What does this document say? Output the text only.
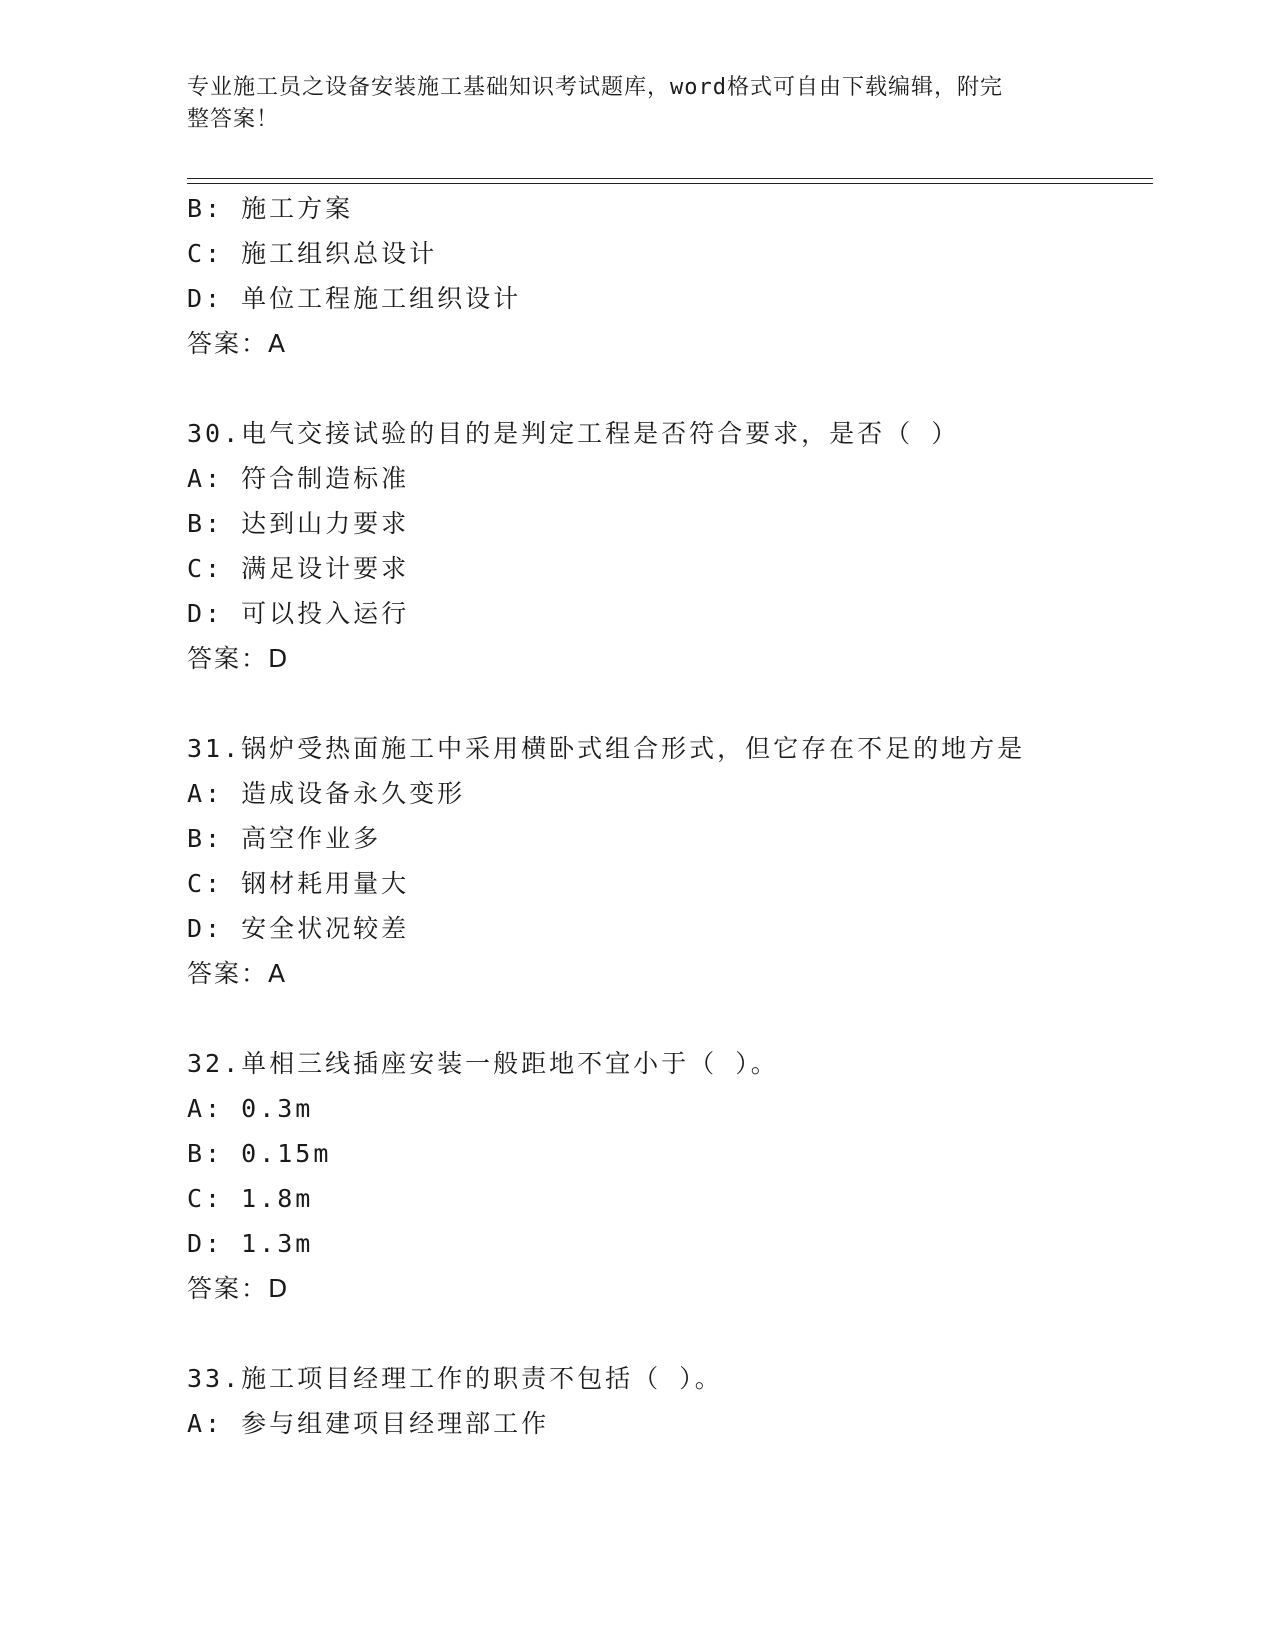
专业施工员之设备安装施工基础知识考试题库，word格式可自由下载编辑，附完
整答案！
B: 施工方案
C: 施工组织总设计
D: 单位工程施工组织设计
答案：A
30.电气交接试验的目的是判定工程是否符合要求，是否（ ）
A: 符合制造标准
B: 达到山力要求
C: 满足设计要求
D: 可以投入运行
答案：D
31.锅炉受热面施工中采用横卧式组合形式，但它存在不足的地方是
A: 造成设备永久变形
B: 高空作业多
C: 钢材耗用量大
D: 安全状况较差
答案：A
32.单相三线插座安装一般距地不宜小于（ ）。
A: 0.3m
B: 0.15m
C: 1.8m
D: 1.3m
答案：D
33.施工项目经理工作的职责不包括（ ）。
A: 参与组建项目经理部工作
